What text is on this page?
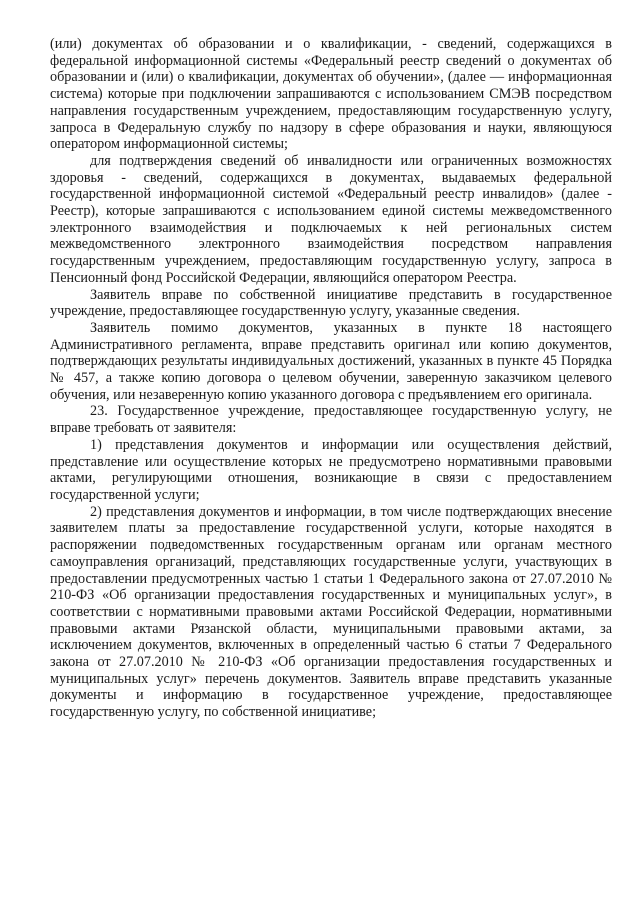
(или) документах об образовании и о квалификации, - сведений, содержащихся в федеральной информационной системы «Федеральный реестр сведений о документах об образовании и (или) о квалификации, документах об обучении», (далее — информационная система) которые при подключении запрашиваются с использованием СМЭВ посредством направления государственным учреждением, предоставляющим государственную услугу, запроса в Федеральную службу по надзору в сфере образования и науки, являющуюся оператором информационной системы;

для подтверждения сведений об инвалидности или ограниченных возможностях здоровья - сведений, содержащихся в документах, выдаваемых федеральной государственной информационной системой «Федеральный реестр инвалидов» (далее - Реестр), которые запрашиваются с использованием единой системы межведомственного электронного взаимодействия и подключаемых к ней региональных систем межведомственного электронного взаимодействия посредством направления государственным учреждением, предоставляющим государственную услугу, запроса в Пенсионный фонд Российской Федерации, являющийся оператором Реестра.

Заявитель вправе по собственной инициативе представить в государственное учреждение, предоставляющее государственную услугу, указанные сведения.

Заявитель помимо документов, указанных в пункте 18 настоящего Административного регламента, вправе представить оригинал или копию документов, подтверждающих результаты индивидуальных достижений, указанных в пункте 45 Порядка № 457, а также копию договора о целевом обучении, заверенную заказчиком целевого обучения, или незаверенную копию указанного договора с предъявлением его оригинала.

23. Государственное учреждение, предоставляющее государственную услугу, не вправе требовать от заявителя:

1) представления документов и информации или осуществления действий, представление или осуществление которых не предусмотрено нормативными правовыми актами, регулирующими отношения, возникающие в связи с предоставлением государственной услуги;

2) представления документов и информации, в том числе подтверждающих внесение заявителем платы за предоставление государственной услуги, которые находятся в распоряжении подведомственных государственным органам или органам местного самоуправления организаций, представляющих государственные услуги, участвующих в предоставлении предусмотренных частью 1 статьи 1 Федерального закона от 27.07.2010 № 210-ФЗ «Об организации предоставления государственных и муниципальных услуг», в соответствии с нормативными правовыми актами Российской Федерации, нормативными правовыми актами Рязанской области, муниципальными правовыми актами, за исключением документов, включенных в определенный частью 6 статьи 7 Федерального закона от 27.07.2010 № 210-ФЗ «Об организации предоставления государственных и муниципальных услуг» перечень документов. Заявитель вправе представить указанные документы и информацию в государственное учреждение, предоставляющее государственную услугу, по собственной инициативе;
